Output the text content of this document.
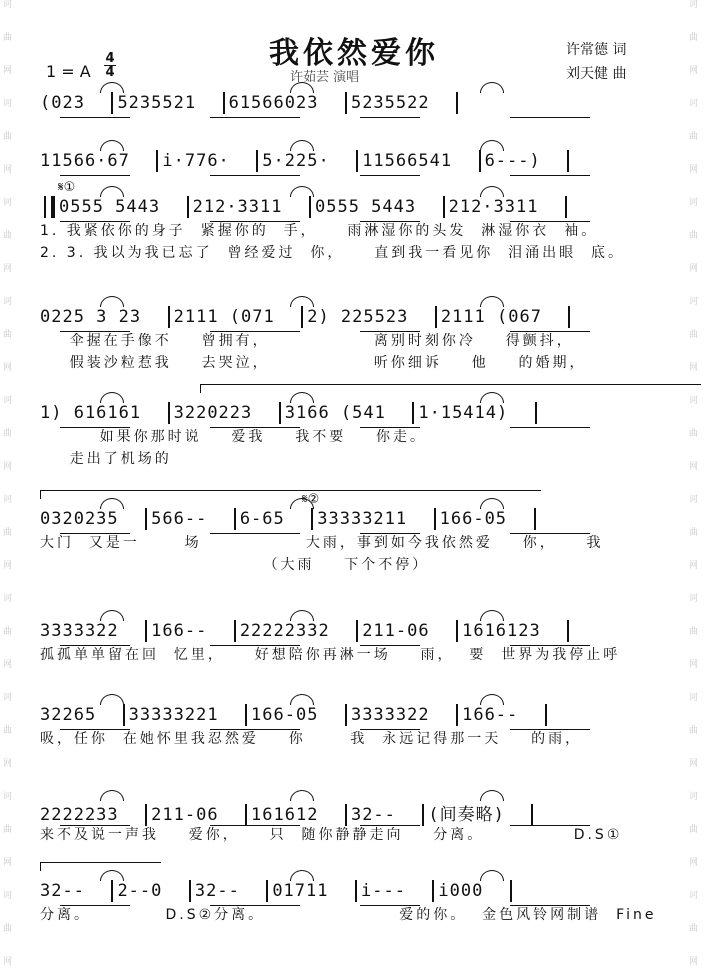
诃
曲
网
诃
曲
网
诃
曲
网
诃
曲
网
诃
曲
网
诃
曲
网
诃
曲
网
诃
曲
网
诃
曲
网
诃
曲
网
诃
曲
网
诃
曲
网
诃
曲
网
诃
曲
网
诃
曲
网
诃
曲
网
诃
曲
网
诃
曲
网
诃
曲
网
诃
曲
网
我依然爱你	许常德 词
刘天健 曲
许茹芸 演唱
1 = A
4
4
(023 5235521 61566023 5235522
11566·67 i·776· 5·225· 11566541 6---)
𝄋①
0555 5443 212·3311 0555 5443 212·3311
1. 我紧依你的身子  紧握你的  手，    雨淋湿你的头发  淋湿你衣  袖。
2. 3. 我以为我已忘了  曾经爱过  你，    直到我一看见你  泪涌出眼  底。
0225 3 23 2111 (071 2) 225523 2111 (067
伞握在手像不    曾拥有，              离别时刻你冷    得颤抖，
假装沙粒惹我    去哭泣，              听你细诉    他    的婚期，
1) 616161 3220223 3166 (541 1·15414)
如果你那时说    爱我    我不要    你走。
走出了机场的
𝄋②
0320235 566-- 6-65 33333211 166-05
大门  又是一      场              大雨，事到如今我依然爱    你，    我
（大雨    下个不停）
3333322 166-- 22222332 211-06 1616123
孤孤单单留在回  忆里，    好想陪你再淋一场    雨，  要  世界为我停止呼
32265 33333221 166-05 3333322 166--
吸，任你  在她怀里我忍然爱    你      我  永远记得那一天    的雨，
2222233 211-06 161612 32-- (间奏略)
来不及说一声我    爱你，    只  随你静静走向    分离。            D.S①
32-- 2--0 32-- 01711 i--- i000
分离。          D.S②分离。                  爱的你。  金色风铃网制谱  Fine
